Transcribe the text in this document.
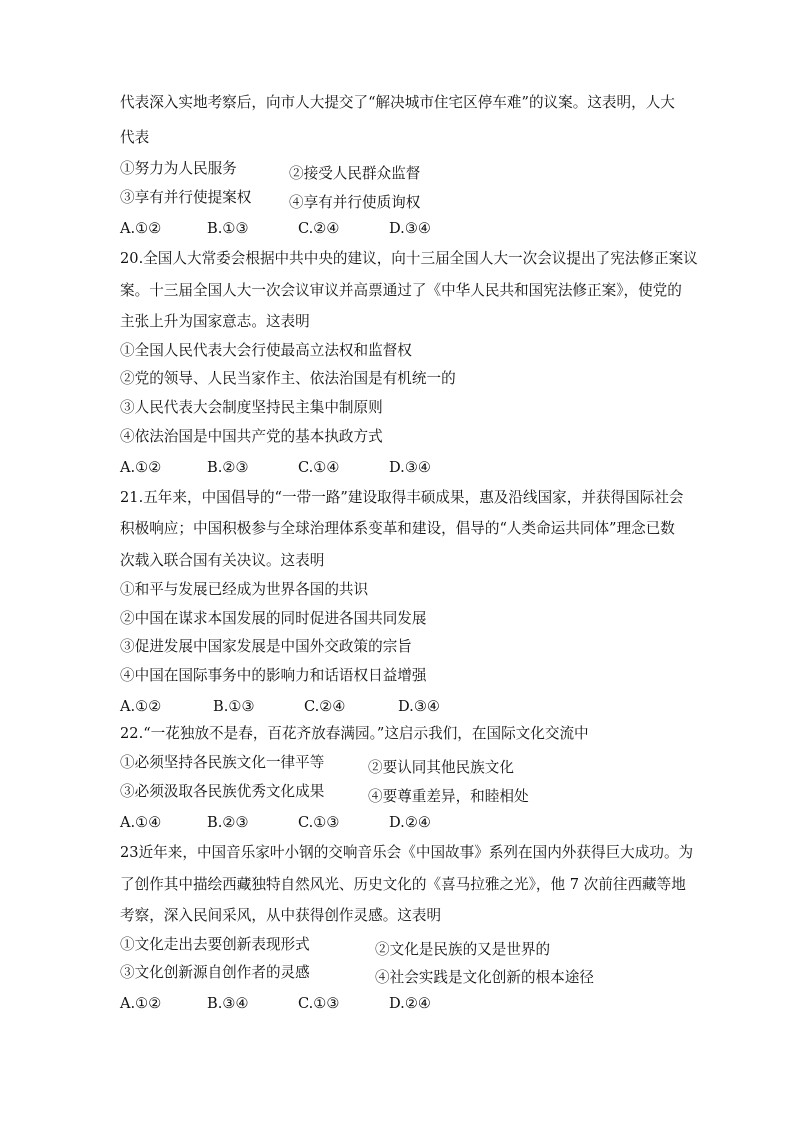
代表深入实地考察后，向市人大提交了“解决城市住宅区停车难”的议案。这表明，人大
代表
①努力为人民服务	②接受人民群众监督
③享有并行使提案权	④享有并行使质询权
A.①②	B.①③	C.②④	D.③④
20.全国人大常委会根据中共中央的建议，向十三届全国人大一次会议提出了宪法修正案议
案。十三届全国人大一次会议审议并高票通过了《中华人民共和国宪法修正案》，使党的
主张上升为国家意志。这表明
①全国人民代表大会行使最高立法权和监督权
②党的领导、人民当家作主、依法治国是有机统一的
③人民代表大会制度坚持民主集中制原则
④依法治国是中国共产党的基本执政方式
A.①②	B.②③	C.①④	D.③④
21.五年来，中国倡导的“一带一路”建设取得丰硕成果，惠及沿线国家，并获得国际社会
积极响应；中国积极参与全球治理体系变革和建设，倡导的“人类命运共同体”理念已数
次载入联合国有关决议。这表明
①和平与发展已经成为世界各国的共识
②中国在谋求本国发展的同时促进各国共同发展
③促进发展中国家发展是中国外交政策的宗旨
④中国在国际事务中的影响力和话语权日益增强
A.①②	B.①③	C.②④	D.③④
22.“一花独放不是春，百花齐放春满园。”这启示我们，在国际文化交流中
①必须坚持各民族文化一律平等	②要认同其他民族文化
③必须汲取各民族优秀文化成果	④要尊重差异，和睦相处
A.①④	B.②③	C.①③	D.②④
23近年来，中国音乐家叶小钢的交响音乐会《中国故事》系列在国内外获得巨大成功。为
了创作其中描绘西藏独特自然风光、历史文化的《喜马拉雅之光》，他 7 次前往西藏等地
考察，深入民间采风，从中获得创作灵感。这表明
①文化走出去要创新表现形式	②文化是民族的又是世界的
③文化创新源自创作者的灵感	④社会实践是文化创新的根本途径
A.①②	B.③④	C.①③	D.②④
